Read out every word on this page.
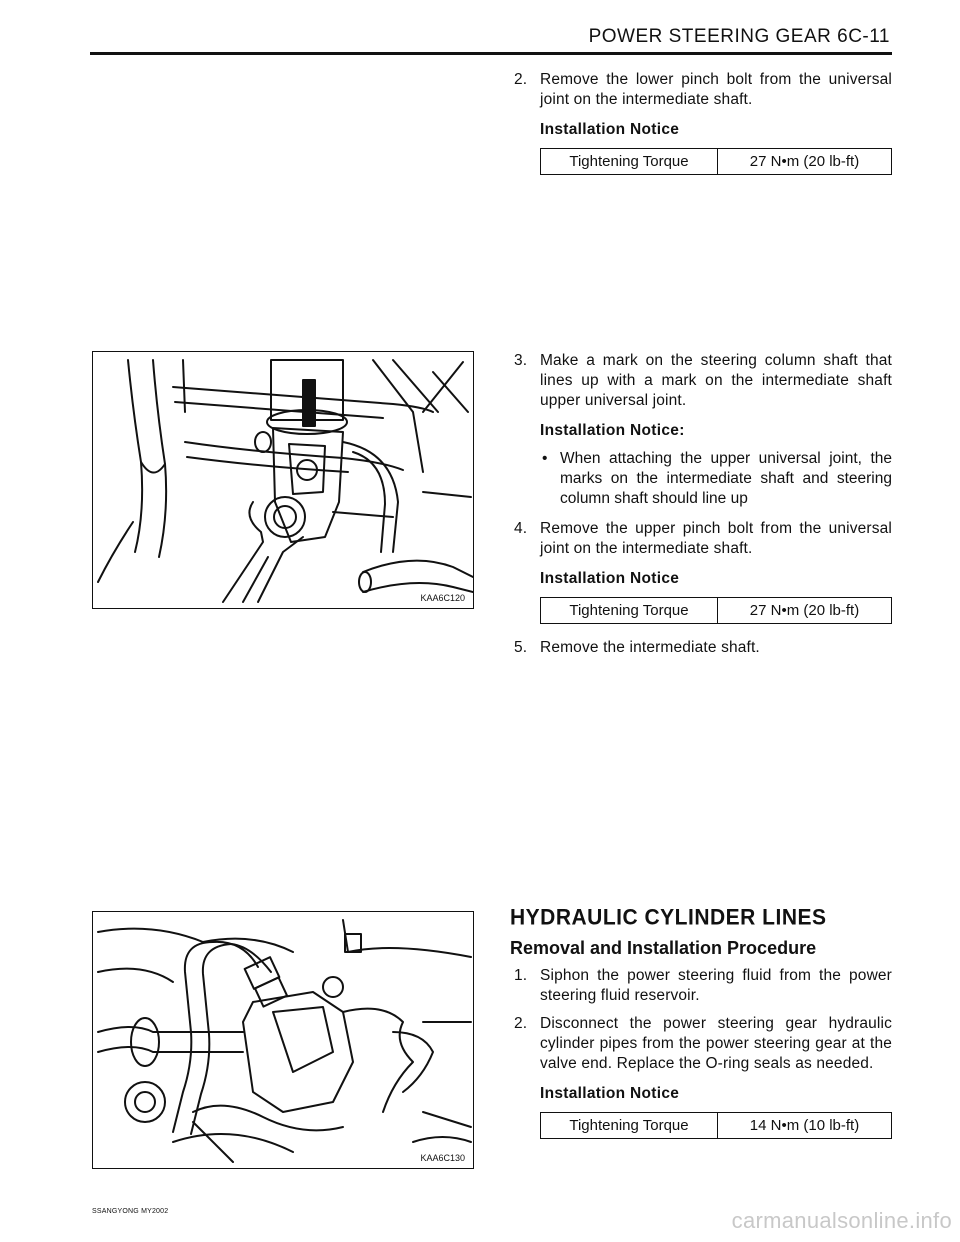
POWER STEERING GEAR 6C-11
2. Remove the lower pinch bolt from the universal joint on the intermediate shaft.
Installation Notice
Tightening Torque	27 N•m (20 lb-ft)
KAA6C120
3. Make a mark on the steering column shaft that lines up with a mark on the intermediate shaft upper universal joint.
Installation Notice:
• When attaching the upper universal joint, the marks on the intermediate shaft and steering column shaft should line up
4. Remove the upper pinch bolt from the universal joint on the intermediate shaft.
Installation Notice
Tightening Torque	27 N•m (20 lb-ft)
5. Remove the intermediate shaft.
KAA6C130
HYDRAULIC CYLINDER LINES
Removal and Installation Procedure
1. Siphon the power steering fluid from the power steering fluid reservoir.
2. Disconnect the power steering gear hydraulic cylinder pipes from the power steering gear at the valve end. Replace the O-ring seals as needed.
Installation Notice
Tightening Torque	14 N•m (10 lb-ft)
SSANGYONG MY2002	carmanualsonline.info
